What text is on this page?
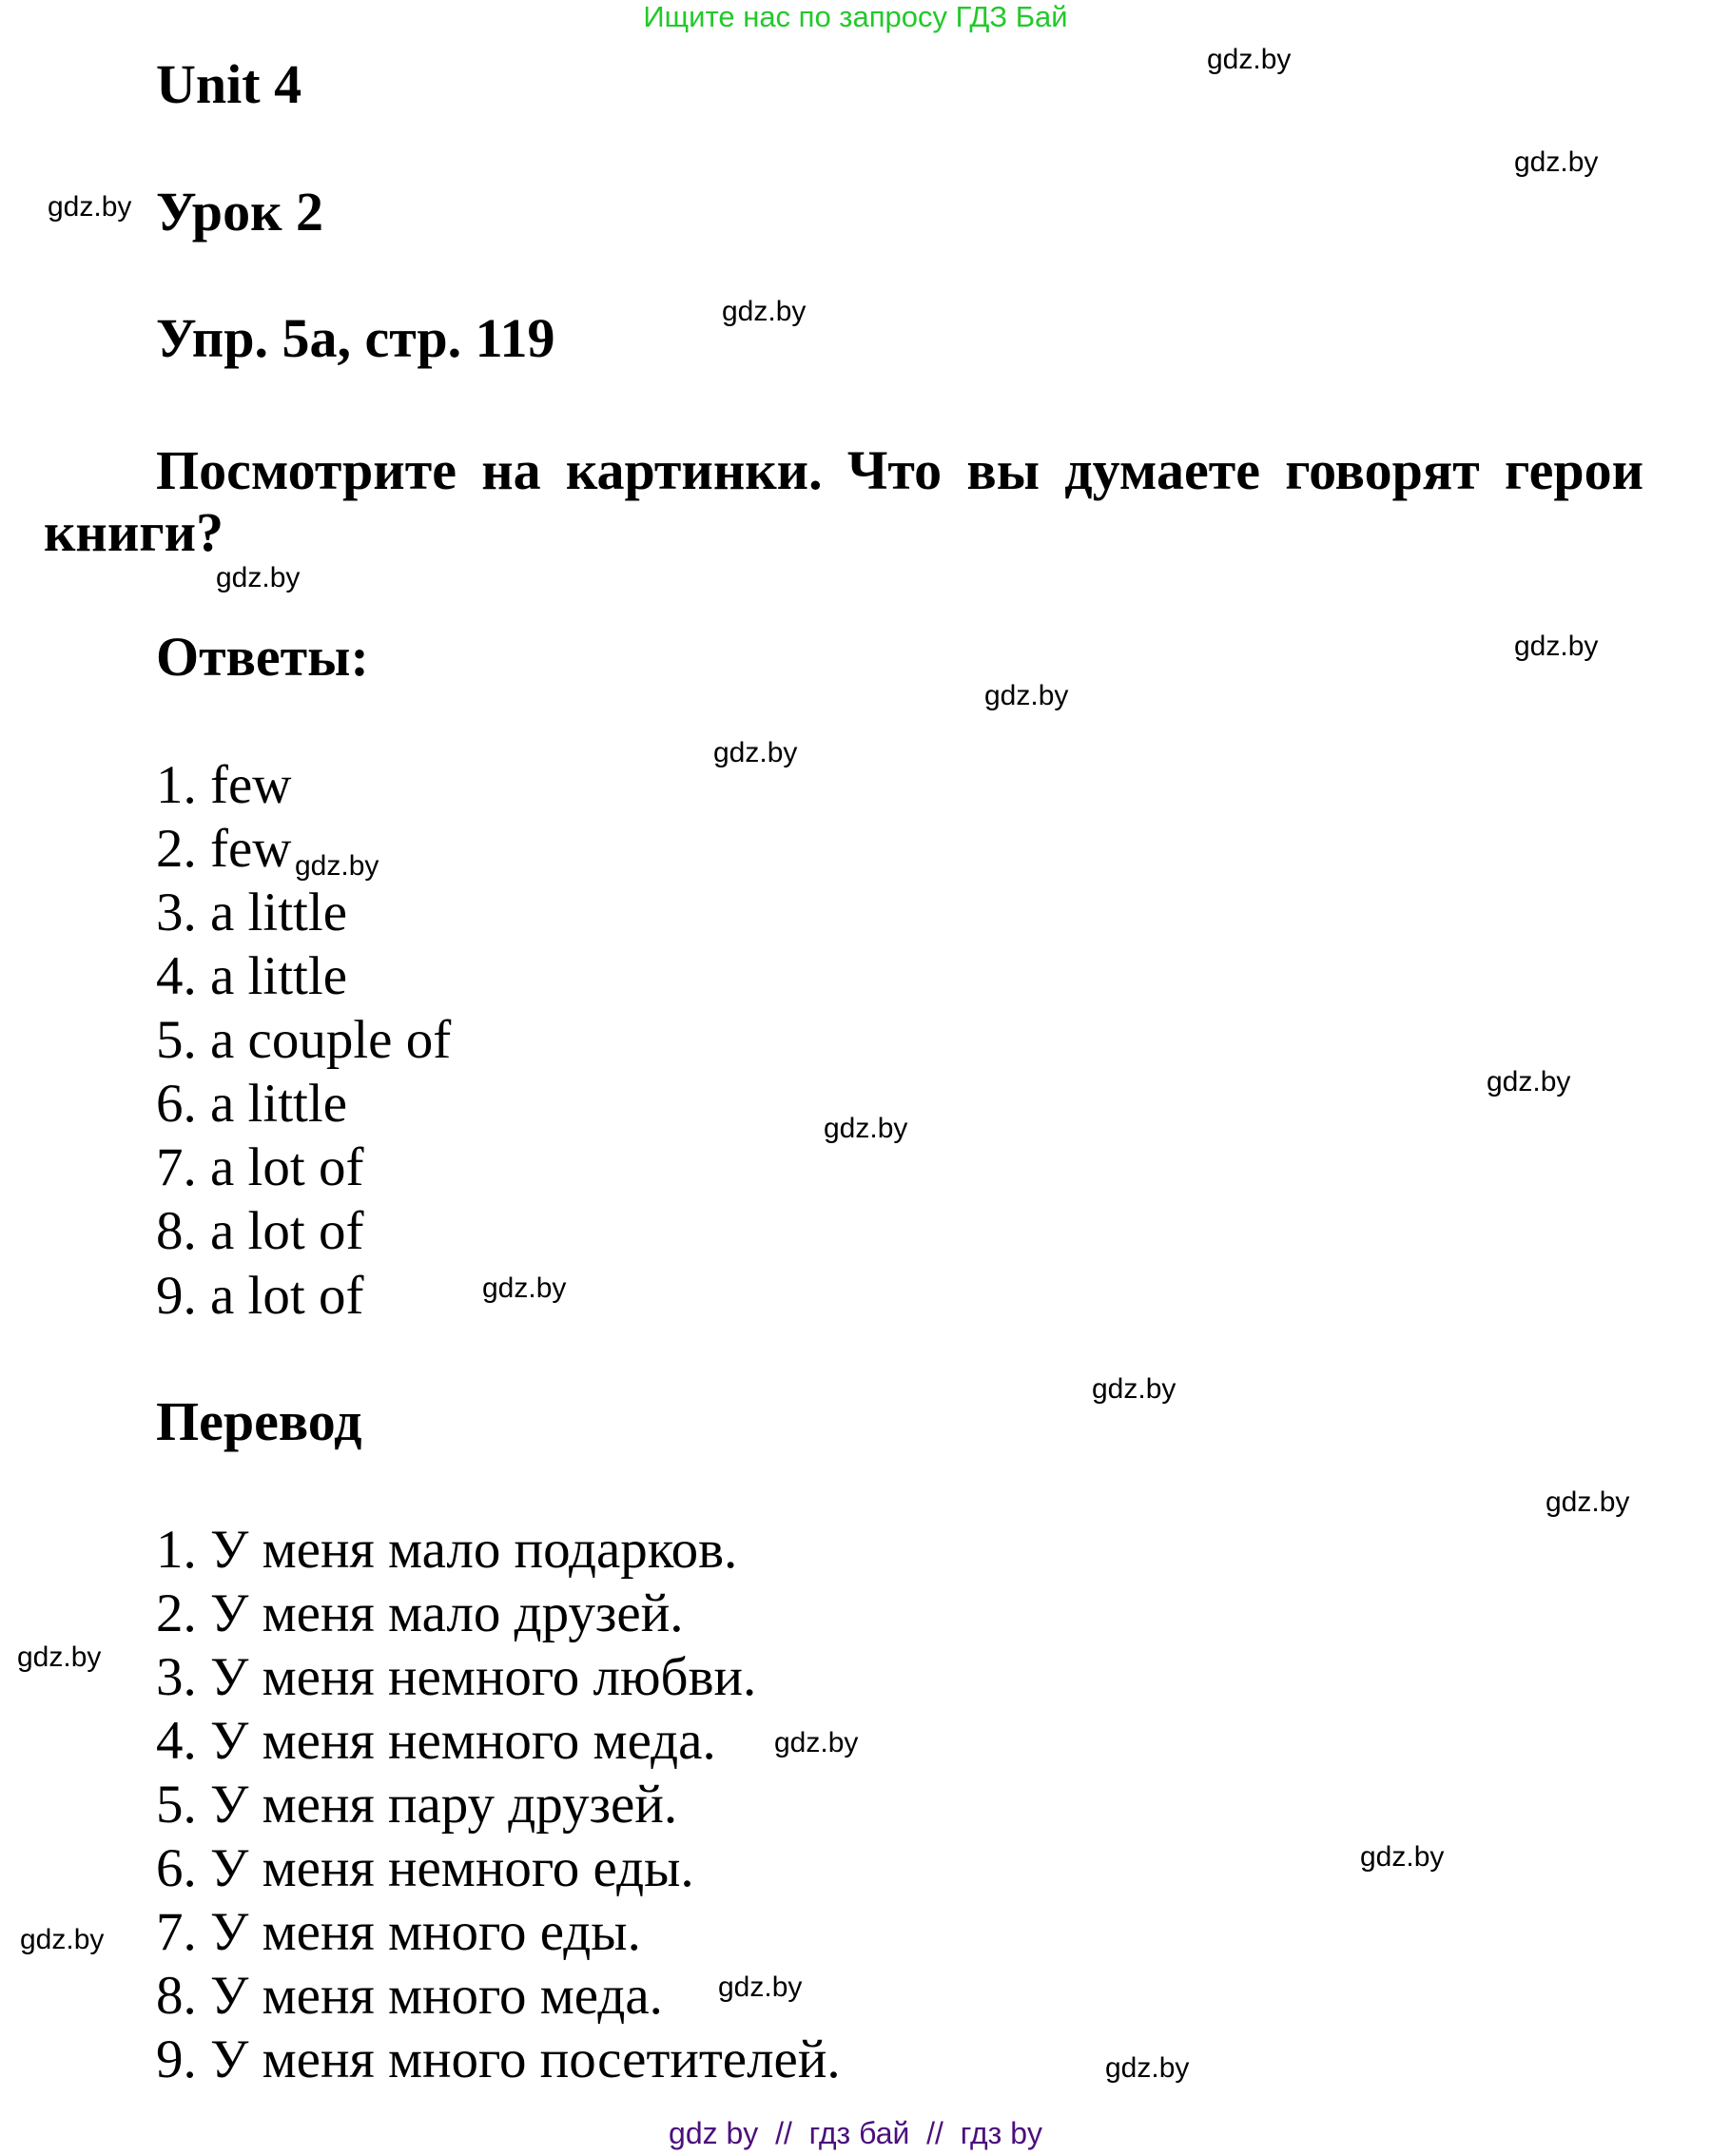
Ищите нас по запросу ГДЗ Бай
Unit 4
Урок 2
Упр. 5а, стр. 119

Посмотрите на картинки. Что вы думаете говорят герои книги?

Ответы:
1. few
2. few
3. a little
4. a little
5. a couple of
6. a little
7. a lot of
8. a lot of
9. a lot of
Перевод
1. У меня мало подарков.
2. У меня мало друзей.
3. У меня немного любви.
4. У меня немного меда.
5. У меня пару друзей.
6. У меня немного еды.
7. У меня много еды.
8. У меня много меда.
9. У меня много посетителей.
gdz.by
gdz.by
gdz.by
gdz.by
gdz.by
gdz.by
gdz.by
gdz.by
gdz.by
gdz.by
gdz.by
gdz.by
gdz.by
gdz.by
gdz.by
gdz.by
gdz.by
gdz.by
gdz.by
gdz.by
gdz by  //  гдз бай  //  гдз by
